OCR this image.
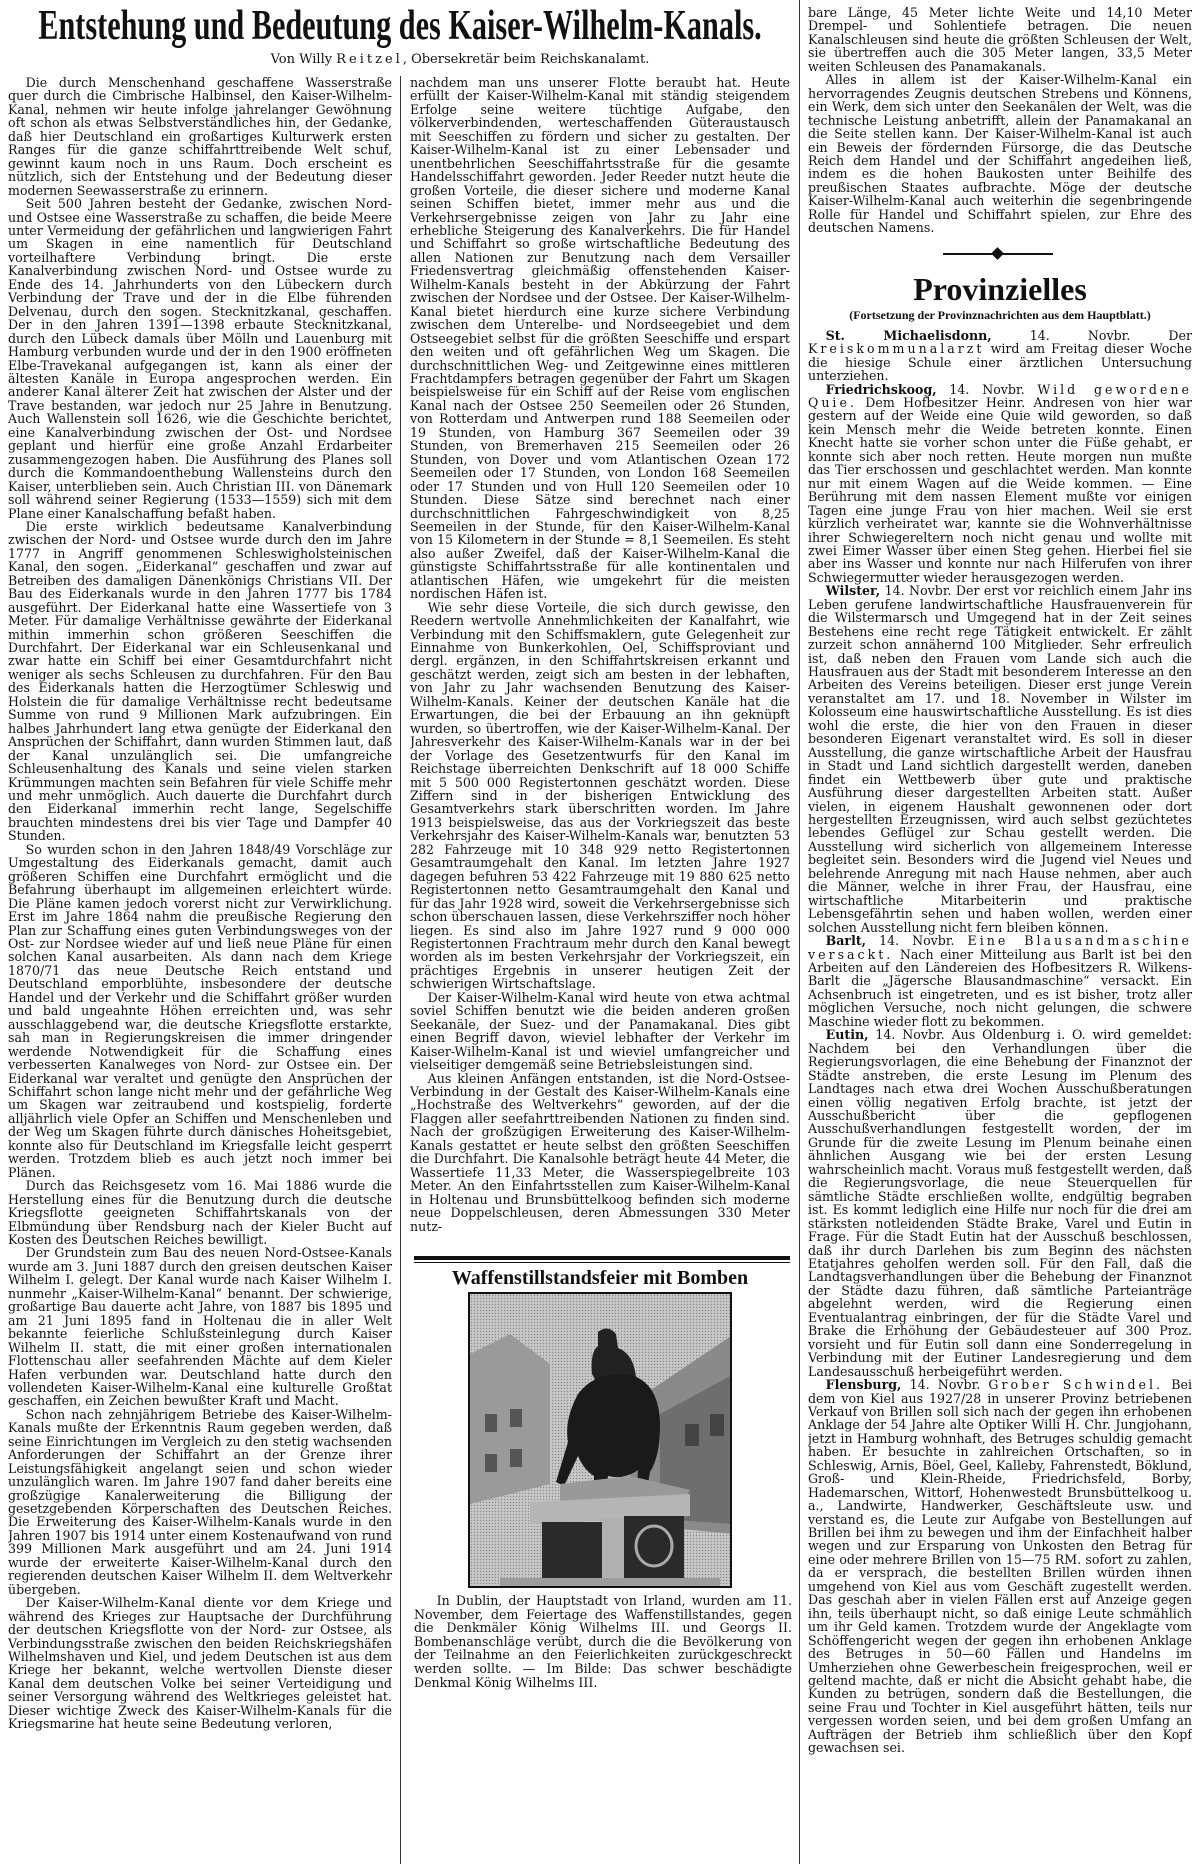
Entstehung und Bedeutung des Kaiser-Wilhelm-Kanals.
Von Willy Reitzel, Obersekretär beim Reichskanalamt.

Die durch Menschenhand geschaffene Wasserstraße quer durch die Cimbrische Halbinsel, den Kaiser-Wilhelm-Kanal, nehmen wir heute infolge jahrelanger Gewöhnung oft schon als etwas Selbstverständliches hin, der Gedanke, daß hier Deutschland ein großartiges Kulturwerk ersten Ranges für die ganze schiffahrttreibende Welt schuf, gewinnt kaum noch in uns Raum. Doch erscheint es nützlich, sich der Entstehung und der Bedeutung dieser modernen Seewasserstraße zu erinnern.

Seit 500 Jahren besteht der Gedanke, zwischen Nord- und Ostsee eine Wasserstraße zu schaffen, die beide Meere unter Vermeidung der gefährlichen und langwierigen Fahrt um Skagen in eine namentlich für Deutschland vorteilhaftere Verbindung bringt. Die erste Kanalverbindung zwischen Nord- und Ostsee wurde zu Ende des 14. Jahrhunderts von den Lübeckern durch Verbindung der Trave und der in die Elbe führenden Delvenau, durch den sogen. Stecknitzkanal, geschaffen. Der in den Jahren 1391—1398 erbaute Stecknitzkanal, durch den Lübeck damals über Mölln und Lauenburg mit Hamburg verbunden wurde und der in den 1900 eröffneten Elbe-Travekanal aufgegangen ist, kann als einer der ältesten Kanäle in Europa angesprochen werden. Ein anderer Kanal älterer Zeit hat zwischen der Alster und der Trave bestanden, war jedoch nur 25 Jahre in Benutzung. Auch Wallenstein soll 1626, wie die Geschichte berichtet, eine Kanalverbindung zwischen der Ost- und Nordsee geplant und hierfür eine große Anzahl Erdarbeiter zusammengezogen haben. Die Ausführung des Planes soll durch die Kommandoenthebung Wallensteins durch den Kaiser, unterblieben sein. Auch Christian III. von Dänemark soll während seiner Regierung (1533—1559) sich mit dem Plane einer Kanalschaffung befaßt haben.

Die erste wirklich bedeutsame Kanalverbindung zwischen der Nord- und Ostsee wurde durch den im Jahre 1777 in Angriff genommenen Schleswigholsteinischen Kanal, den sogen. „Eiderkanal“ geschaffen und zwar auf Betreiben des damaligen Dänenkönigs Christians VII. Der Bau des Eiderkanals wurde in den Jahren 1777 bis 1784 ausgeführt. Der Eiderkanal hatte eine Wassertiefe von 3 Meter. Für damalige Verhältnisse gewährte der Eiderkanal mithin immerhin schon größeren Seeschiffen die Durchfahrt. Der Eiderkanal war ein Schleusenkanal und zwar hatte ein Schiff bei einer Gesamtdurchfahrt nicht weniger als sechs Schleusen zu durchfahren. Für den Bau des Eiderkanals hatten die Herzogtümer Schleswig und Holstein die für damalige Verhältnisse recht bedeutsame Summe von rund 9 Millionen Mark aufzubringen. Ein halbes Jahrhundert lang etwa genügte der Eiderkanal den Ansprüchen der Schiffahrt, dann wurden Stimmen laut, daß der Kanal unzulänglich sei. Die umfangreiche Schleusenhaltung des Kanals und seine vielen starken Krümmungen machten sein Befahren für viele Schiffe mehr und mehr unmöglich. Auch dauerte die Durchfahrt durch den Eiderkanal immerhin recht lange, Segelschiffe brauchten mindestens drei bis vier Tage und Dampfer 40 Stunden.

So wurden schon in den Jahren 1848/49 Vorschläge zur Umgestaltung des Eiderkanals gemacht, damit auch größeren Schiffen eine Durchfahrt ermöglicht und die Befahrung überhaupt im allgemeinen erleichtert würde. Die Pläne kamen jedoch vorerst nicht zur Verwirklichung. Erst im Jahre 1864 nahm die preußische Regierung den Plan zur Schaffung eines guten Verbindungsweges von der Ost- zur Nordsee wieder auf und ließ neue Pläne für einen solchen Kanal ausarbeiten. Als dann nach dem Kriege 1870/71 das neue Deutsche Reich entstand und Deutschland emporblühte, insbesondere der deutsche Handel und der Verkehr und die Schiffahrt größer wurden und bald ungeahnte Höhen erreichten und, was sehr ausschlaggebend war, die deutsche Kriegsflotte erstarkte, sah man in Regierungskreisen die immer dringender werdende Notwendigkeit für die Schaffung eines verbesserten Kanalweges von Nord- zur Ostsee ein. Der Eiderkanal war veraltet und genügte den Ansprüchen der Schiffahrt schon lange nicht mehr und der gefährliche Weg um Skagen war zeitraubend und kostspielig, forderte alljährlich viele Opfer an Schiffen und Menschenleben und der Weg um Skagen führte durch dänisches Hoheitsgebiet, konnte also für Deutschland im Kriegsfalle leicht gesperrt werden. Trotzdem blieb es auch jetzt noch immer bei Plänen.

Durch das Reichsgesetz vom 16. Mai 1886 wurde die Herstellung eines für die Benutzung durch die deutsche Kriegsflotte geeigneten Schiffahrtskanals von der Elbmündung über Rendsburg nach der Kieler Bucht auf Kosten des Deutschen Reiches bewilligt.

Der Grundstein zum Bau des neuen Nord-Ostsee-Kanals wurde am 3. Juni 1887 durch den greisen deutschen Kaiser Wilhelm I. gelegt. Der Kanal wurde nach Kaiser Wilhelm I. nunmehr „Kaiser-Wilhelm-Kanal“ benannt. Der schwierige, großartige Bau dauerte acht Jahre, von 1887 bis 1895 und am 21 Juni 1895 fand in Holtenau die in aller Welt bekannte feierliche Schlußsteinlegung durch Kaiser Wilhelm II. statt, die mit einer großen internationalen Flottenschau aller seefahrenden Mächte auf dem Kieler Hafen verbunden war. Deutschland hatte durch den vollendeten Kaiser-Wilhelm-Kanal eine kulturelle Großtat geschaffen, ein Zeichen bewußter Kraft und Macht.

Schon nach zehnjährigem Betriebe des Kaiser-Wilhelm-Kanals mußte der Erkenntnis Raum gegeben werden, daß seine Einrichtungen im Vergleich zu den stetig wachsenden Anforderungen der Schiffahrt an der Grenze ihrer Leistungsfähigkeit angelangt seien und schon wieder unzulänglich waren. Im Jahre 1907 fand daher bereits eine großzügige Kanalerweiterung die Billigung der gesetzgebenden Körperschaften des Deutschen Reiches. Die Erweiterung des Kaiser-Wilhelm-Kanals wurde in den Jahren 1907 bis 1914 unter einem Kostenaufwand von rund 399 Millionen Mark ausgeführt und am 24. Juni 1914 wurde der erweiterte Kaiser-Wilhelm-Kanal durch den regierenden deutschen Kaiser Wilhelm II. dem Weltverkehr übergeben.

Der Kaiser-Wilhelm-Kanal diente vor dem Kriege und während des Krieges zur Hauptsache der Durchführung der deutschen Kriegsflotte von der Nord- zur Ostsee, als Verbindungsstraße zwischen den beiden Reichskriegshäfen Wilhelmshaven und Kiel, und jedem Deutschen ist aus dem Kriege her bekannt, welche wertvollen Dienste dieser Kanal dem deutschen Volke bei seiner Verteidigung und seiner Versorgung während des Weltkrieges geleistet hat. Dieser wichtige Zweck des Kaiser-Wilhelm-Kanals für die Kriegsmarine hat heute seine Bedeutung verloren,

nachdem man uns unserer Flotte beraubt hat. Heute erfüllt der Kaiser-Wilhelm-Kanal mit ständig steigendem Erfolge seine weitere tüchtige Aufgabe, den völkerverbindenden, werteschaffenden Güteraustausch mit Seeschiffen zu fördern und sicher zu gestalten. Der Kaiser-Wilhelm-Kanal ist zu einer Lebensader und unentbehrlichen Seeschiffahrtsstraße für die gesamte Handelsschiffahrt geworden. Jeder Reeder nutzt heute die großen Vorteile, die dieser sichere und moderne Kanal seinen Schiffen bietet, immer mehr aus und die Verkehrsergebnisse zeigen von Jahr zu Jahr eine erhebliche Steigerung des Kanalverkehrs. Die für Handel und Schiffahrt so große wirtschaftliche Bedeutung des allen Nationen zur Benutzung nach dem Versailler Friedensvertrag gleichmäßig offenstehenden Kaiser-Wilhelm-Kanals besteht in der Abkürzung der Fahrt zwischen der Nordsee und der Ostsee. Der Kaiser-Wilhelm-Kanal bietet hierdurch eine kurze sichere Verbindung zwischen dem Unterelbe- und Nordseegebiet und dem Ostseegebiet selbst für die größten Seeschiffe und erspart den weiten und oft gefährlichen Weg um Skagen. Die durchschnittlichen Weg- und Zeitgewinne eines mittleren Frachtdampfers betragen gegenüber der Fahrt um Skagen beispielsweise für ein Schiff auf der Reise vom englischen Kanal nach der Ostsee 250 Seemeilen oder 26 Stunden, von Rotterdam und Antwerpen rund 188 Seemeilen oder 19 Stunden, von Hamburg 367 Seemeilen oder 39 Stunden, von Bremerhaven 215 Seemeilen oder 26 Stunden, von Dover und vom Atlantischen Ozean 172 Seemeilen oder 17 Stunden, von London 168 Seemeilen oder 17 Stunden und von Hull 120 Seemeilen oder 10 Stunden. Diese Sätze sind berechnet nach einer durchschnittlichen Fahrgeschwindigkeit von 8,25 Seemeilen in der Stunde, für den Kaiser-Wilhelm-Kanal von 15 Kilometern in der Stunde = 8,1 Seemeilen. Es steht also außer Zweifel, daß der Kaiser-Wilhelm-Kanal die günstigste Schiffahrtsstraße für alle kontinentalen und atlantischen Häfen, wie umgekehrt für die meisten nordischen Häfen ist.

Wie sehr diese Vorteile, die sich durch gewisse, den Reedern wertvolle Annehmlichkeiten der Kanalfahrt, wie Verbindung mit den Schiffsmaklern, gute Gelegenheit zur Einnahme von Bunkerkohlen, Oel, Schiffsproviant und dergl. ergänzen, in den Schiffahrtskreisen erkannt und geschätzt werden, zeigt sich am besten in der lebhaften, von Jahr zu Jahr wachsenden Benutzung des Kaiser-Wilhelm-Kanals. Keiner der deutschen Kanäle hat die Erwartungen, die bei der Erbauung an ihn geknüpft wurden, so übertroffen, wie der Kaiser-Wilhelm-Kanal. Der Jahresverkehr des Kaiser-Wilhelm-Kanals war in der bei der Vorlage des Gesetzentwurfs für den Kanal im Reichstage überreichten Denkschrift auf 18 000 Schiffe mit 5 500 000 Registertonnen geschätzt worden. Diese Ziffern sind in der bisherigen Entwicklung des Gesamtverkehrs stark überschritten worden. Im Jahre 1913 beispielsweise, das aus der Vorkriegszeit das beste Verkehrsjahr des Kaiser-Wilhelm-Kanals war, benutzten 53 282 Fahrzeuge mit 10 348 929 netto Registertonnen Gesamtraumgehalt den Kanal. Im letzten Jahre 1927 dagegen befuhren 53 422 Fahrzeuge mit 19 880 625 netto Registertonnen netto Gesamtraumgehalt den Kanal und für das Jahr 1928 wird, soweit die Verkehrsergebnisse sich schon überschauen lassen, diese Verkehrsziffer noch höher liegen. Es sind also im Jahre 1927 rund 9 000 000 Registertonnen Frachtraum mehr durch den Kanal bewegt worden als im besten Verkehrsjahr der Vorkriegszeit, ein prächtiges Ergebnis in unserer heutigen Zeit der schwierigen Wirtschaftslage.

Der Kaiser-Wilhelm-Kanal wird heute von etwa achtmal soviel Schiffen benutzt wie die beiden anderen großen Seekanäle, der Suez- und der Panamakanal. Dies gibt einen Begriff davon, wieviel lebhafter der Verkehr im Kaiser-Wilhelm-Kanal ist und wieviel umfangreicher und vielseitiger demgemäß seine Betriebsleistungen sind.

Aus kleinen Anfängen entstanden, ist die Nord-Ostsee-Verbindung in der Gestalt des Kaiser-Wilhelm-Kanals eine „Hochstraße des Weltverkehrs“ geworden, auf der die Flaggen aller seefahrttreibenden Nationen zu finden sind. Nach der großzügigen Erweiterung des Kaiser-Wilhelm-Kanals gestattet er heute selbst den größten Seeschiffen die Durchfahrt. Die Kanalsohle beträgt heute 44 Meter, die Wassertiefe 11,33 Meter, die Wasserspiegelbreite 103 Meter. An den Einfahrtsstellen zum Kaiser-Wilhelm-Kanal in Holtenau und Brunsbüttelkoog befinden sich moderne neue Doppelschleusen, deren Abmessungen 330 Meter nutz-

Waffenstillstandsfeier mit Bomben

In Dublin, der Hauptstadt von Irland, wurden am 11. November, dem Feiertage des Waffenstillstandes, gegen die Denkmäler König Wilhelms III. und Georgs II. Bombenanschläge verübt, durch die die Bevölkerung von der Teilnahme an den Feierlichkeiten zurückgeschreckt werden sollte. — Im Bilde: Das schwer beschädigte Denkmal König Wilhelms III.

bare Länge, 45 Meter lichte Weite und 14,10 Meter Drempel- und Sohlentiefe betragen. Die neuen Kanalschleusen sind heute die größten Schleusen der Welt, sie übertreffen auch die 305 Meter langen, 33,5 Meter weiten Schleusen des Panamakanals.

Alles in allem ist der Kaiser-Wilhelm-Kanal ein hervorragendes Zeugnis deutschen Strebens und Könnens, ein Werk, dem sich unter den Seekanälen der Welt, was die technische Leistung anbetrifft, allein der Panamakanal an die Seite stellen kann. Der Kaiser-Wilhelm-Kanal ist auch ein Beweis der fördernden Fürsorge, die das Deutsche Reich dem Handel und der Schiffahrt angedeihen ließ, indem es die hohen Baukosten unter Beihilfe des preußischen Staates aufbrachte. Möge der deutsche Kaiser-Wilhelm-Kanal auch weiterhin die segenbringende Rolle für Handel und Schiffahrt spielen, zur Ehre des deutschen Namens.

Provinzielles
(Fortsetzung der Provinznachrichten aus dem Hauptblatt.)

St. Michaelisdonn,	14. Novbr.	Der Kreiskommunalarzt wird am Freitag dieser Woche die hiesige Schule einer ärztlichen Untersuchung unterziehen.

Friedrichskoog, 14. Novbr. Wild gewordene Quie. Dem Hofbesitzer Heinr. Andresen von hier war gestern auf der Weide eine Quie wild geworden, so daß kein Mensch mehr die Weide betreten konnte. Einen Knecht hatte sie vorher schon unter die Füße gehabt, er konnte sich aber noch retten. Heute morgen nun mußte das Tier erschossen und geschlachtet werden. Man konnte nur mit einem Wagen auf die Weide kommen. — Eine Berührung mit dem nassen Element mußte vor einigen Tagen eine junge Frau von hier machen. Weil sie erst kürzlich verheiratet war, kannte sie die Wohnverhältnisse ihrer Schwiegereltern noch nicht genau und wollte mit zwei Eimer Wasser über einen Steg gehen. Hierbei fiel sie aber ins Wasser und konnte nur nach Hilferufen von ihrer Schwiegermutter wieder herausgezogen werden.

Wilster, 14. Novbr. Der erst vor reichlich einem Jahr ins Leben gerufene landwirtschaftliche Hausfrauenverein für die Wilstermarsch und Umgegend hat in der Zeit seines Bestehens eine recht rege Tätigkeit entwickelt. Er zählt zurzeit schon annähernd 100 Mitglieder. Sehr erfreulich ist, daß neben den Frauen vom Lande sich auch die Hausfrauen aus der Stadt mit besonderem Interesse an den Arbeiten des Vereins beteiligen. Dieser erst junge Verein veranstaltet am 17. und 18. November in Wilster im Kolosseum eine hauswirtschaftliche Ausstellung. Es ist dies wohl die erste, die hier von den Frauen in dieser besonderen Eigenart veranstaltet wird. Es soll in dieser Ausstellung, die ganze wirtschaftliche Arbeit der Hausfrau in Stadt und Land sichtlich dargestellt werden, daneben findet ein Wettbewerb über gute und praktische Ausführung dieser dargestellten Arbeiten statt. Außer vielen, in eigenem Haushalt gewonnenen oder dort hergestellten Erzeugnissen, wird auch selbst gezüchtetes lebendes Geflügel zur Schau gestellt werden. Die Ausstellung wird sicherlich von allgemeinem Interesse begleitet sein. Besonders wird die Jugend viel Neues und belehrende Anregung mit nach Hause nehmen, aber auch die Männer, welche in ihrer Frau, der Hausfrau, eine wirtschaftliche Mitarbeiterin und praktische Lebensgefährtin sehen und haben wollen, werden einer solchen Ausstellung nicht fern bleiben können.

Barlt, 14. Novbr. Eine Blausandmaschine versackt. Nach einer Mitteilung aus Barlt ist bei den Arbeiten auf den Ländereien des Hofbesitzers R. Wilkens-Barlt die „Jägersche Blausandmaschine“ versackt. Ein Achsenbruch ist eingetreten, und es ist bisher, trotz aller möglichen Versuche, noch nicht gelungen, die schwere Maschine wieder flott zu bekommen.

Eutin, 14. Novbr. Aus Oldenburg i. O. wird gemeldet: Nachdem bei den Verhandlungen über die Regierungsvorlagen, die eine Behebung der Finanznot der Städte anstreben, die erste Lesung im Plenum des Landtages nach etwa drei Wochen Ausschußberatungen einen völlig negativen Erfolg brachte, ist jetzt der Ausschußbericht über die gepflogenen Ausschußverhandlungen festgestellt worden, der im Grunde für die zweite Lesung im Plenum beinahe einen ähnlichen Ausgang wie bei der ersten Lesung wahrscheinlich macht. Voraus muß festgestellt werden, daß die Regierungsvorlage, die neue Steuerquellen für sämtliche Städte erschließen wollte, endgültig begraben ist. Es kommt lediglich eine Hilfe nur noch für die drei am stärksten notleidenden Städte Brake, Varel und Eutin in Frage. Für die Stadt Eutin hat der Ausschuß beschlossen, daß ihr durch Darlehen bis zum Beginn des nächsten Etatjahres geholfen werden soll. Für den Fall, daß die Landtagsverhandlungen über die Behebung der Finanznot der Städte dazu führen, daß sämtliche Parteianträge abgelehnt werden, wird die Regierung einen Eventualantrag einbringen, der für die Städte Varel und Brake die Erhöhung der Gebäudesteuer auf 300 Proz. vorsieht und für Eutin soll dann eine Sonderregelung in Verbindung mit der Eutiner Landesregierung und dem Landesausschuß herbeigeführt werden.

Flensburg, 14. Novbr. Grober Schwindel. Bei dem von Kiel aus 1927/28 in unserer Provinz betriebenen Verkauf von Brillen soll sich nach der gegen ihn erhobenen Anklage der 54 Jahre alte Optiker Willi H. Chr. Jungjohann, jetzt in Hamburg wohnhaft, des Betruges schuldig gemacht haben. Er besuchte in zahlreichen Ortschaften, so in Schleswig, Arnis, Böel, Geel, Kalleby, Fahrenstedt, Böklund, Groß- und Klein-Rheide, Friedrichsfeld, Borby, Hademarschen, Wittorf, Hohenwestedt Brunsbüttelkoog u. a., Landwirte, Handwerker, Geschäftsleute usw. und verstand es, die Leute zur Aufgabe von Bestellungen auf Brillen bei ihm zu bewegen und ihm der Einfachheit halber wegen und zur Ersparung von Unkosten den Betrag für eine oder mehrere Brillen von 15—75 RM. sofort zu zahlen, da er versprach, die bestellten Brillen würden ihnen umgehend von Kiel aus vom Geschäft zugestellt werden. Das geschah aber in vielen Fällen erst auf Anzeige gegen ihn, teils überhaupt nicht, so daß einige Leute schmählich um ihr Geld kamen. Trotzdem wurde der Angeklagte vom Schöffengericht wegen der gegen ihn erhobenen Anklage des Betruges in 50—60 Fällen und Handelns im Umherziehen ohne Gewerbeschein freigesprochen, weil er geltend machte, daß er nicht die Absicht gehabt habe, die Kunden zu betrügen, sondern daß die Bestellungen, die seine Frau und Tochter in Kiel ausgeführt hätten, teils nur vergessen worden seien, und bei dem großen Umfang an Aufträgen der Betrieb ihm schließlich über den Kopf gewachsen sei.
